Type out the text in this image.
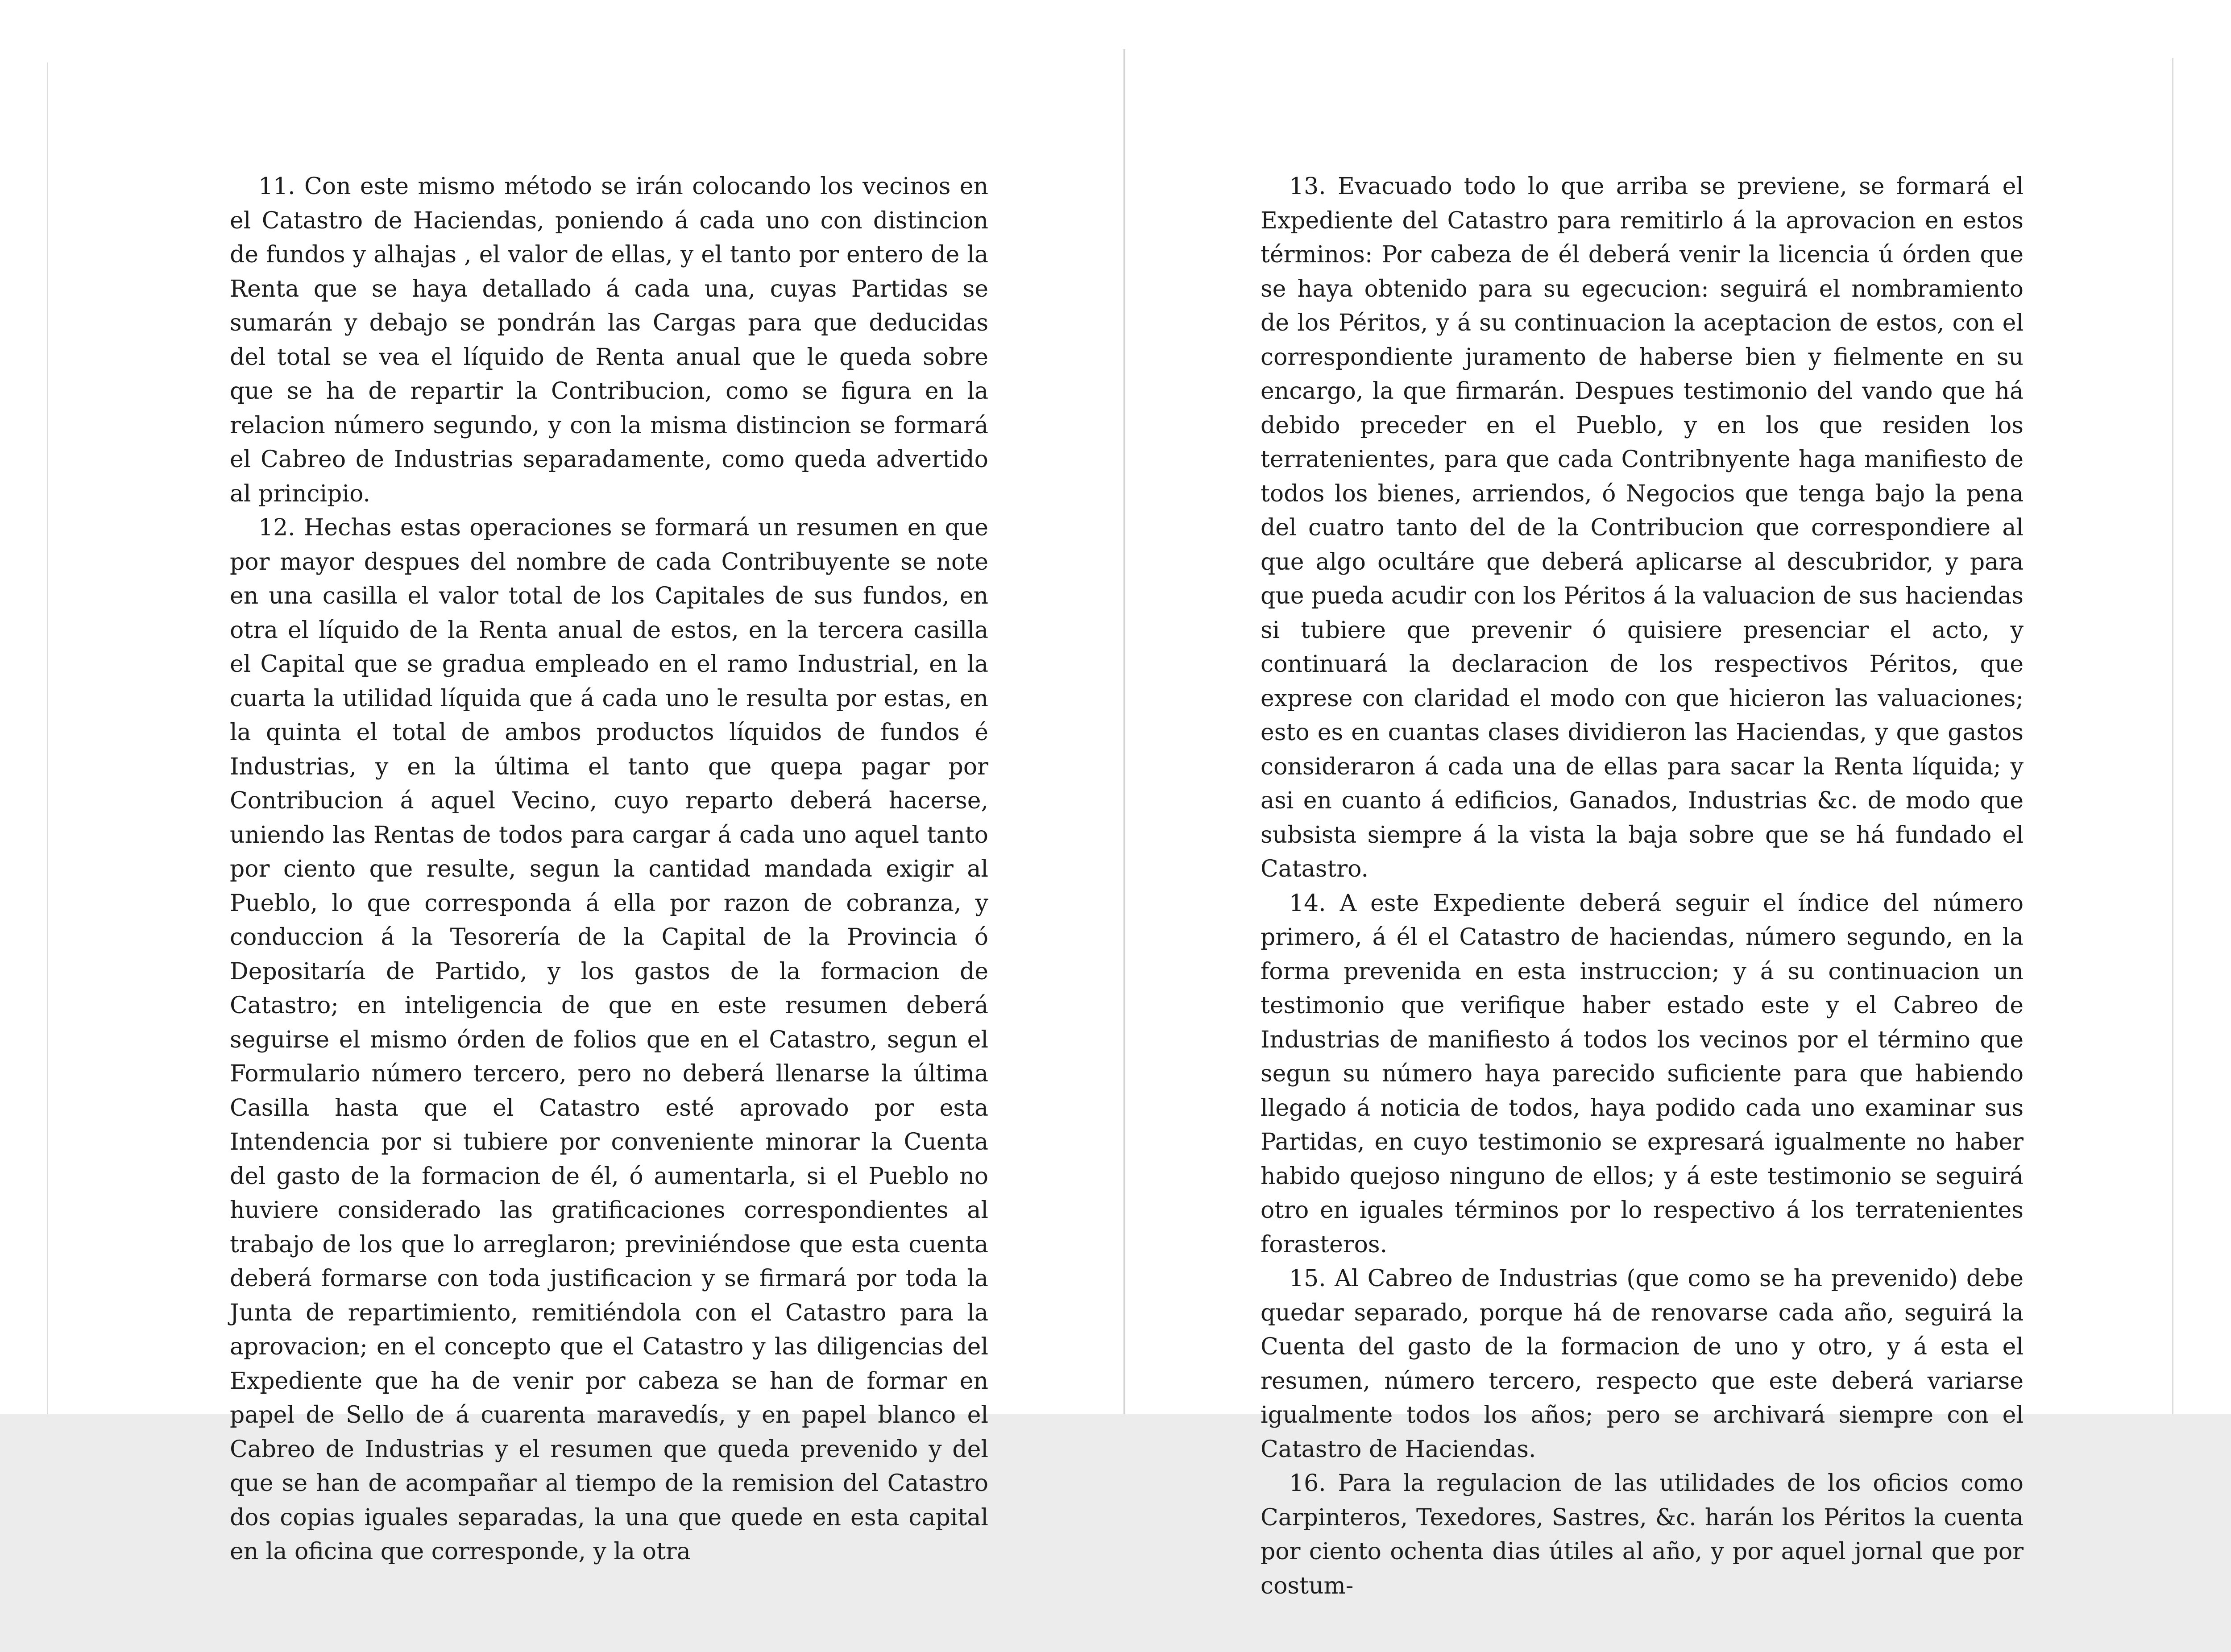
11. Con este mismo método se irán colocando los vecinos en el Catastro de Haciendas, poniendo á cada uno con distincion de fundos y alhajas , el valor de ellas, y el tanto por entero de la Renta que se haya detallado á cada una, cuyas Partidas se sumarán y debajo se pondrán las Cargas para que deducidas del total se vea el líquido de Renta anual que le queda sobre que se ha de repartir la Contribucion, como se figura en la relacion número segundo, y con la misma distincion se formará el Cabreo de Industrias separadamente, como queda advertido al principio.

12. Hechas estas operaciones se formará un resumen en que por mayor despues del nombre de cada Contribuyente se note en una casilla el valor total de los Capitales de sus fundos, en otra el líquido de la Renta anual de estos, en la tercera casilla el Capital que se gradua empleado en el ramo Industrial, en la cuarta la utilidad líquida que á cada uno le resulta por estas, en la quinta el total de ambos productos líquidos de fundos é Industrias, y en la última el tanto que quepa pagar por Contribucion á aquel Vecino, cuyo reparto deberá hacerse, uniendo las Rentas de todos para cargar á cada uno aquel tanto por ciento que resulte, segun la cantidad mandada exigir al Pueblo, lo que corresponda á ella por razon de cobranza, y conduccion á la Tesorería de la Capital de la Provincia ó Depositaría de Partido, y los gastos de la formacion de Catastro; en inteligencia de que en este resumen deberá seguirse el mismo órden de folios que en el Catastro, segun el Formulario número tercero, pero no deberá llenarse la última Casilla hasta que el Catastro esté aprovado por esta Intendencia por si tubiere por conveniente minorar la Cuenta del gasto de la formacion de él, ó aumentarla, si el Pueblo no huviere considerado las gratificaciones correspondientes al trabajo de los que lo arreglaron; previniéndose que esta cuenta deberá formarse con toda justificacion y se firmará por toda la Junta de repartimiento, remitiéndola con el Catastro para la aprovacion; en el concepto que el Catastro y las diligencias del Expediente que ha de venir por cabeza se han de formar en papel de Sello de á cuarenta maravedís, y en papel blanco el Cabreo de Industrias y el resumen que queda prevenido y del que se han de acompañar al tiempo de la remision del Catastro dos copias iguales separadas, la una que quede en esta capital en la oficina que corresponde, y la otra

13. Evacuado todo lo que arriba se previene, se formará el Expediente del Catastro para remitirlo á la aprovacion en estos términos: Por cabeza de él deberá venir la licencia ú órden que se haya obtenido para su egecucion: seguirá el nombramiento de los Péritos, y á su continuacion la aceptacion de estos, con el correspondiente juramento de haberse bien y fielmente en su encargo, la que firmarán. Despues testimonio del vando que há debido preceder en el Pueblo, y en los que residen los terratenientes, para que cada Contribnyente haga manifiesto de todos los bienes, arriendos, ó Negocios que tenga bajo la pena del cuatro tanto del de la Contribucion que correspondiere al que algo ocultáre que deberá aplicarse al descubridor, y para que pueda acudir con los Péritos á la valuacion de sus haciendas si tubiere que prevenir ó quisiere presenciar el acto, y continuará la declaracion de los respectivos Péritos, que exprese con claridad el modo con que hicieron las valuaciones; esto es en cuantas clases dividieron las Haciendas, y que gastos consideraron á cada una de ellas para sacar la Renta líquida; y asi en cuanto á edificios, Ganados, Industrias &c. de modo que subsista siempre á la vista la baja sobre que se há fundado el Catastro.

14. A este Expediente deberá seguir el índice del número primero, á él el Catastro de haciendas, número segundo, en la forma prevenida en esta instruccion; y á su continuacion un testimonio que verifique haber estado este y el Cabreo de Industrias de manifiesto á todos los vecinos por el término que segun su número haya parecido suficiente para que habiendo llegado á noticia de todos, haya podido cada uno examinar sus Partidas, en cuyo testimonio se expresará igualmente no haber habido quejoso ninguno de ellos; y á este testimonio se seguirá otro en iguales términos por lo respectivo á los terratenientes forasteros.

15. Al Cabreo de Industrias (que como se ha prevenido) debe quedar separado, porque há de renovarse cada año, seguirá la Cuenta del gasto de la formacion de uno y otro, y á esta el resumen, número tercero, respecto que este deberá variarse igualmente todos los años; pero se archivará siempre con el Catastro de Haciendas.

16. Para la regulacion de las utilidades de los oficios como Carpinteros, Texedores, Sastres, &c. harán los Péritos la cuenta por ciento ochenta dias útiles al año, y por aquel jornal que por costum-
